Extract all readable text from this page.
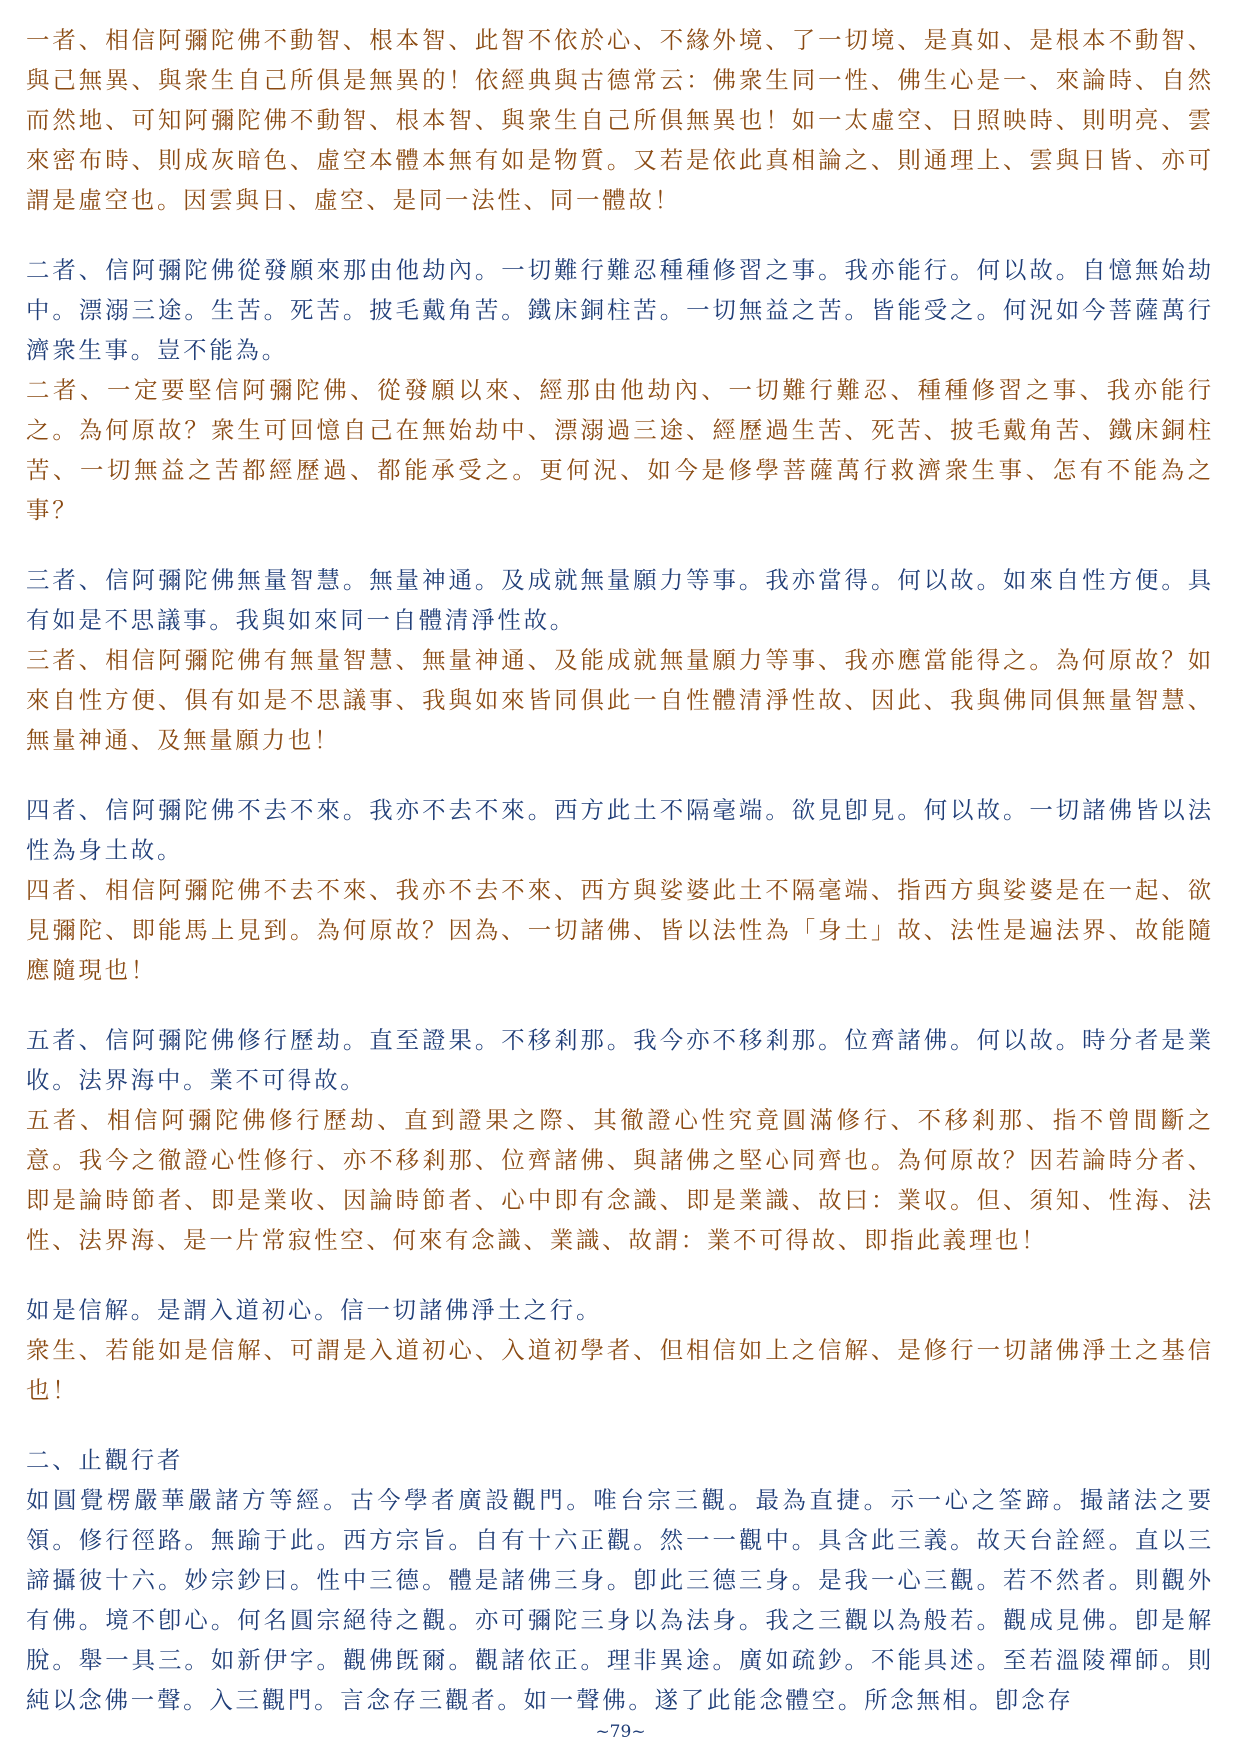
一者、相信阿彌陀佛不動智、根本智、此智不依於心、不緣外境、了一切境、是真如、是根本不動智、與己無異、與衆生自己所俱是無異的！依經典與古德常云：佛衆生同一性、佛生心是一、來論時、自然而然地、可知阿彌陀佛不動智、根本智、與衆生自己所俱無異也！如一太虛空、日照映時、則明亮、雲來密布時、則成灰暗色、虛空本體本無有如是物質。又若是依此真相論之、則通理上、雲與日皆、亦可謂是虛空也。因雲與日、虛空、是同一法性、同一體故！

二者、信阿彌陀佛從發願來那由他劫內。一切難行難忍種種修習之事。我亦能行。何以故。自憶無始劫中。漂溺三途。生苦。死苦。披毛戴角苦。鐵床銅柱苦。一切無益之苦。皆能受之。何況如今菩薩萬行濟衆生事。豈不能為。

二者、一定要堅信阿彌陀佛、從發願以來、經那由他劫內、一切難行難忍、種種修習之事、我亦能行之。為何原故？衆生可回憶自己在無始劫中、漂溺過三途、經歷過生苦、死苦、披毛戴角苦、鐵床銅柱苦、一切無益之苦都經歷過、都能承受之。更何況、如今是修學菩薩萬行救濟衆生事、怎有不能為之事？

三者、信阿彌陀佛無量智慧。無量神通。及成就無量願力等事。我亦當得。何以故。如來自性方便。具有如是不思議事。我與如來同一自體清淨性故。

三者、相信阿彌陀佛有無量智慧、無量神通、及能成就無量願力等事、我亦應當能得之。為何原故？如來自性方便、俱有如是不思議事、我與如來皆同俱此一自性體清淨性故、因此、我與佛同俱無量智慧、無量神通、及無量願力也！

四者、信阿彌陀佛不去不來。我亦不去不來。西方此土不隔毫端。欲見卽見。何以故。一切諸佛皆以法性為身土故。

四者、相信阿彌陀佛不去不來、我亦不去不來、西方與娑婆此土不隔毫端、指西方與娑婆是在一起、欲見彌陀、即能馬上見到。為何原故？因為、一切諸佛、皆以法性為「身土」故、法性是遍法界、故能隨應隨現也！

五者、信阿彌陀佛修行歷劫。直至證果。不移剎那。我今亦不移剎那。位齊諸佛。何以故。時分者是業收。法界海中。業不可得故。

五者、相信阿彌陀佛修行歷劫、直到證果之際、其徹證心性究竟圓滿修行、不移剎那、指不曾間斷之意。我今之徹證心性修行、亦不移剎那、位齊諸佛、與諸佛之堅心同齊也。為何原故？因若論時分者、即是論時節者、即是業收、因論時節者、心中即有念識、即是業識、故曰：業収。但、須知、性海、法性、法界海、是一片常寂性空、何來有念識、業識、故謂：業不可得故、即指此義理也！

如是信解。是謂入道初心。信一切諸佛淨土之行。

衆生、若能如是信解、可謂是入道初心、入道初學者、但相信如上之信解、是修行一切諸佛淨土之基信也！

二、止觀行者

如圓覺楞嚴華嚴諸方等經。古今學者廣設觀門。唯台宗三觀。最為直捷。示一心之筌蹄。撮諸法之要領。修行徑路。無踰于此。西方宗旨。自有十六正觀。然一一觀中。具含此三義。故天台詮經。直以三諦攝彼十六。妙宗鈔曰。性中三德。體是諸佛三身。卽此三德三身。是我一心三觀。若不然者。則觀外有佛。境不卽心。何名圓宗絕待之觀。亦可彌陀三身以為法身。我之三觀以為般若。觀成見佛。卽是解脫。舉一具三。如新伊字。觀佛旣爾。觀諸依正。理非異途。廣如疏鈔。不能具述。至若溫陵禪師。則純以念佛一聲。入三觀門。言念存三觀者。如一聲佛。遂了此能念體空。所念無相。卽念存

~79~
